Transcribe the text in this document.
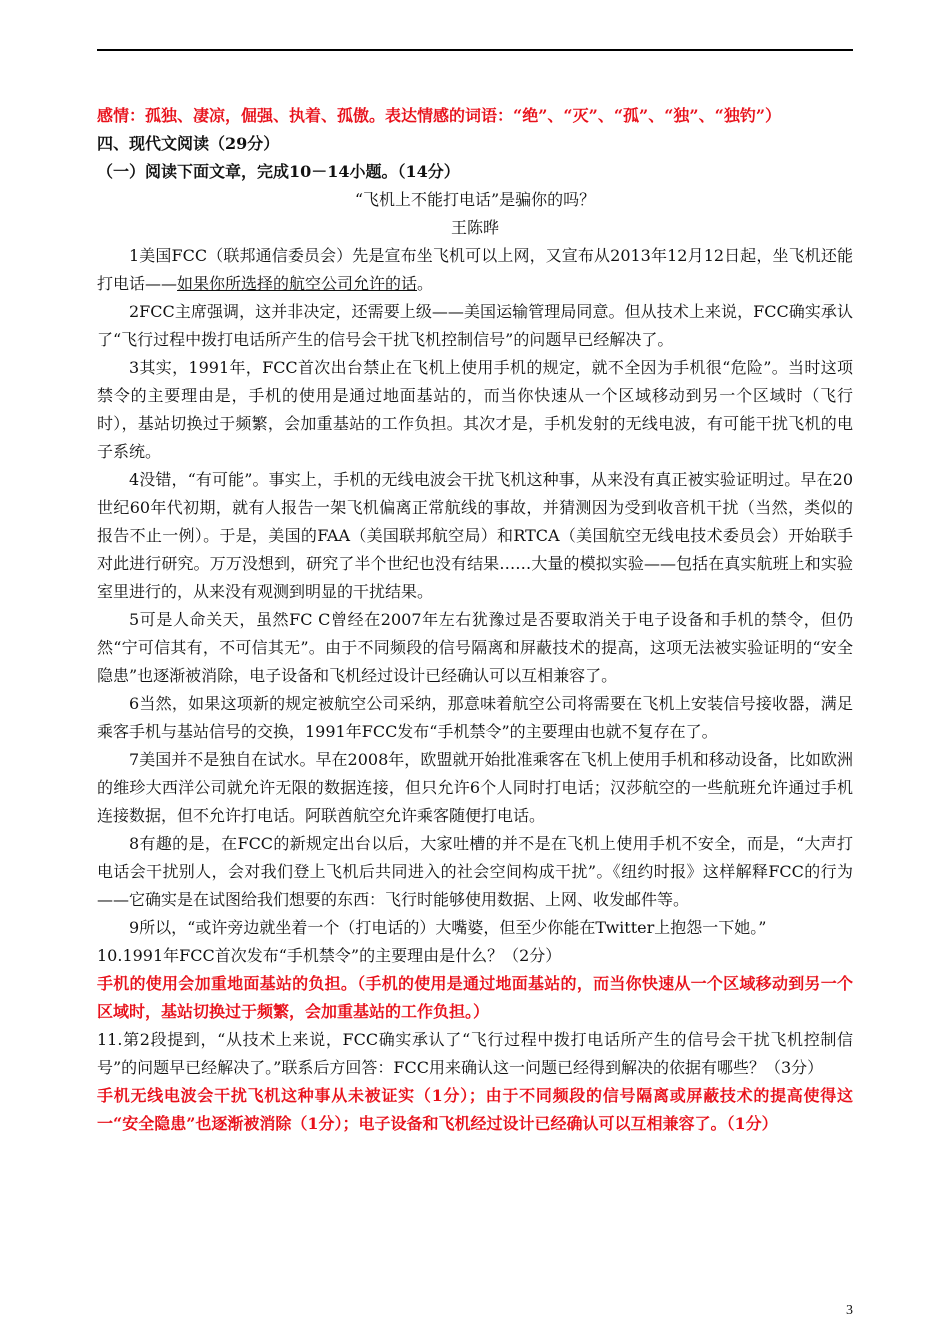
感情：孤独、凄凉，倔强、执着、孤傲。表达情感的词语：“绝”、“灭”、“孤”、“独”、“独钓”）

四、现代文阅读（29分）

（一）阅读下面文章，完成10－14小题。（14分）

“飞机上不能打电话”是骗你的吗？

王陈晔

1美国FCC（联邦通信委员会）先是宣布坐飞机可以上网，又宣布从2013年12月12日起，坐飞机还能打电话——如果你所选择的航空公司允许的话。

2FCC主席强调，这并非决定，还需要上级——美国运输管理局同意。但从技术上来说，FCC确实承认了“飞行过程中拨打电话所产生的信号会干扰飞机控制信号”的问题早已经解决了。

3其实，1991年，FCC首次出台禁止在飞机上使用手机的规定，就不全因为手机很“危险”。当时这项禁令的主要理由是，手机的使用是通过地面基站的，而当你快速从一个区域移动到另一个区域时（飞行时），基站切换过于频繁，会加重基站的工作负担。其次才是，手机发射的无线电波，有可能干扰飞机的电子系统。

4没错，“有可能”。事实上，手机的无线电波会干扰飞机这种事，从来没有真正被实验证明过。早在20世纪60年代初期，就有人报告一架飞机偏离正常航线的事故，并猜测因为受到收音机干扰（当然，类似的报告不止一例）。于是，美国的FAA（美国联邦航空局）和RTCA（美国航空无线电技术委员会）开始联手对此进行研究。万万没想到，研究了半个世纪也没有结果……大量的模拟实验——包括在真实航班上和实验室里进行的，从来没有观测到明显的干扰结果。

5可是人命关天，虽然FC C曾经在2007年左右犹豫过是否要取消关于电子设备和手机的禁令，但仍然“宁可信其有，不可信其无”。由于不同频段的信号隔离和屏蔽技术的提高，这项无法被实验证明的“安全隐患”也逐渐被消除，电子设备和飞机经过设计已经确认可以互相兼容了。

6当然，如果这项新的规定被航空公司采纳，那意味着航空公司将需要在飞机上安装信号接收器，满足乘客手机与基站信号的交换，1991年FCC发布“手机禁令”的主要理由也就不复存在了。

7美国并不是独自在试水。早在2008年，欧盟就开始批准乘客在飞机上使用手机和移动设备，比如欧洲的维珍大西洋公司就允许无限的数据连接，但只允许6个人同时打电话；汉莎航空的一些航班允许通过手机连接数据，但不允许打电话。阿联酋航空允许乘客随便打电话。

8有趣的是，在FCC的新规定出台以后，大家吐槽的并不是在飞机上使用手机不安全，而是，“大声打电话会干扰别人，会对我们登上飞机后共同进入的社会空间构成干扰”。《纽约时报》这样解释FCC的行为——它确实是在试图给我们想要的东西：飞行时能够使用数据、上网、收发邮件等。

9所以，“或许旁边就坐着一个（打电话的）大嘴婆，但至少你能在Twitter上抱怨一下她。”

10.1991年FCC首次发布“手机禁令”的主要理由是什么？（2分）

手机的使用会加重地面基站的负担。（手机的使用是通过地面基站的，而当你快速从一个区域移动到另一个区域时，基站切换过于频繁，会加重基站的工作负担。）

11.第2段提到，“从技术上来说，FCC确实承认了“飞行过程中拨打电话所产生的信号会干扰飞机控制信号”的问题早已经解决了。”联系后方回答：FCC用来确认这一问题已经得到解决的依据有哪些？（3分）

手机无线电波会干扰飞机这种事从未被证实（1分）；由于不同频段的信号隔离或屏蔽技术的提高使得这一“安全隐患”也逐渐被消除（1分）；电子设备和飞机经过设计已经确认可以互相兼容了。（1分）

3
